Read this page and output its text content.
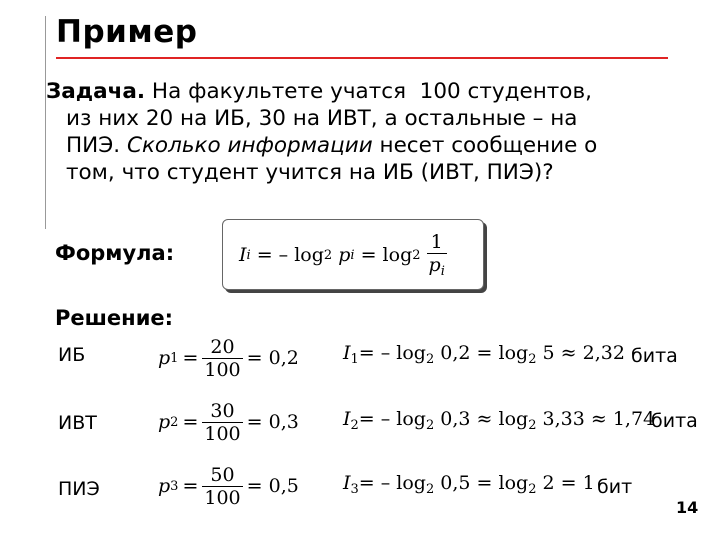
Пример
Задача. На факультете учатся  100 студентов,
из них 20 на ИБ, 30 на ИВТ, а остальные – на
ПИЭ. Сколько информации несет сообщение о
том, что студент учится на ИБ (ИВТ, ПИЭ)?
Формула:	I i = – log 2 p $i = \log 2 \frac{1}{p_i}$
Решение:
ИБ	p $1 = \frac{20}{100} = 0,2$ $I_1= - \log_2 0,2 = \log_2 5 \approx 2,32$ бита
ИВТ	p $2 = \frac{30}{100} = 0,3$ $I_2= - \log_2 0,3 \approx \log_2 3,33 \approx 1,74$
бита
ПИЭ	p $3 = \frac{50}{100} = 0,5$ $I_3= - \log_2 0,5 = \log_2 2 = 1$ бит
14
